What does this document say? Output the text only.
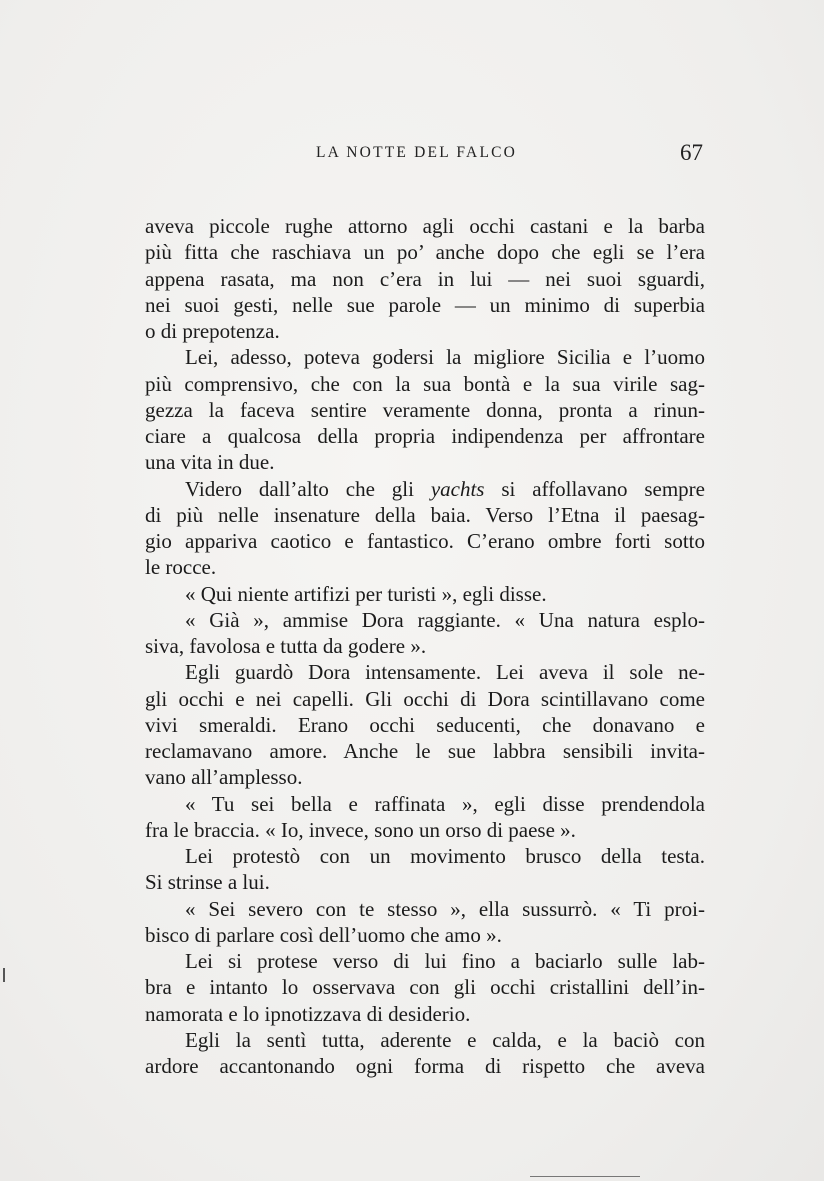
LA NOTTE DEL FALCO	67
aveva piccole rughe attorno agli occhi castani e la barba
più fitta che raschiava un po’ anche dopo che egli se l’era
appena rasata, ma non c’era in lui — nei suoi sguardi,
nei suoi gesti, nelle sue parole — un minimo di superbia
o di prepotenza.
Lei, adesso, poteva godersi la migliore Sicilia e l’uomo
più comprensivo, che con la sua bontà e la sua virile sag-
gezza la faceva sentire veramente donna, pronta a rinun-
ciare a qualcosa della propria indipendenza per affrontare
una vita in due.
Videro dall’alto che gli yachts si affollavano sempre
di più nelle insenature della baia. Verso l’Etna il paesag-
gio appariva caotico e fantastico. C’erano ombre forti sotto
le rocce.
« Qui niente artifizi per turisti », egli disse.
« Già », ammise Dora raggiante. « Una natura esplo-
siva, favolosa e tutta da godere ».
Egli guardò Dora intensamente. Lei aveva il sole ne-
gli occhi e nei capelli. Gli occhi di Dora scintillavano come
vivi smeraldi. Erano occhi seducenti, che donavano e
reclamavano amore. Anche le sue labbra sensibili invita-
vano all’amplesso.
« Tu sei bella e raffinata », egli disse prendendola
fra le braccia. « Io, invece, sono un orso di paese ».
Lei protestò con un movimento brusco della testa.
Si strinse a lui.
« Sei severo con te stesso », ella sussurrò. « Ti proi-
bisco di parlare così dell’uomo che amo ».
Lei si protese verso di lui fino a baciarlo sulle lab-
bra e intanto lo osservava con gli occhi cristallini dell’in-
namorata e lo ipnotizzava di desiderio.
Egli la sentì tutta, aderente e calda, e la baciò con
ardore accantonando ogni forma di rispetto che aveva
